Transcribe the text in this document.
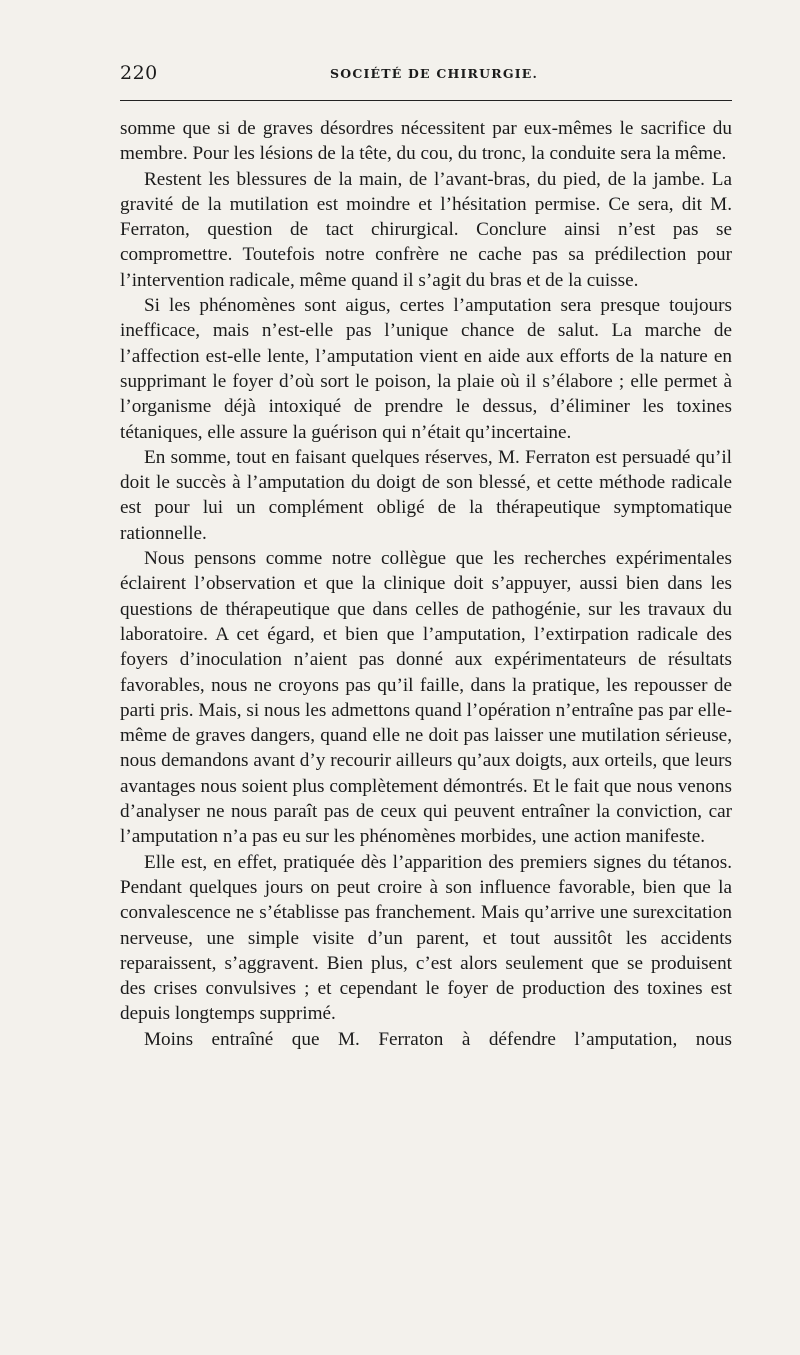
220	SOCIÉTÉ DE CHIRURGIE.

somme que si de graves désordres nécessitent par eux-mêmes le sacrifice du membre. Pour les lésions de la tête, du cou, du tronc, la conduite sera la même.

Restent les blessures de la main, de l’avant-bras, du pied, de la jambe. La gravité de la mutilation est moindre et l’hésitation permise. Ce sera, dit M. Ferraton, question de tact chirurgical. Conclure ainsi n’est pas se compromettre. Toutefois notre confrère ne cache pas sa prédilection pour l’intervention radicale, même quand il s’agit du bras et de la cuisse.

Si les phénomènes sont aigus, certes l’amputation sera presque toujours inefficace, mais n’est-elle pas l’unique chance de salut. La marche de l’affection est-elle lente, l’amputation vient en aide aux efforts de la nature en supprimant le foyer d’où sort le poison, la plaie où il s’élabore ; elle permet à l’organisme déjà intoxiqué de prendre le dessus, d’éliminer les toxines tétaniques, elle assure la guérison qui n’était qu’incertaine.

En somme, tout en faisant quelques réserves, M. Ferraton est persuadé qu’il doit le succès à l’amputation du doigt de son blessé, et cette méthode radicale est pour lui un complément obligé de la thérapeutique symptomatique rationnelle.

Nous pensons comme notre collègue que les recherches expérimentales éclairent l’observation et que la clinique doit s’appuyer, aussi bien dans les questions de thérapeutique que dans celles de pathogénie, sur les travaux du laboratoire. A cet égard, et bien que l’amputation, l’extirpation radicale des foyers d’inoculation n’aient pas donné aux expérimentateurs de résultats favorables, nous ne croyons pas qu’il faille, dans la pratique, les repousser de parti pris. Mais, si nous les admettons quand l’opération n’entraîne pas par elle-même de graves dangers, quand elle ne doit pas laisser une mutilation sérieuse, nous demandons avant d’y recourir ailleurs qu’aux doigts, aux orteils, que leurs avantages nous soient plus complètement démontrés. Et le fait que nous venons d’analyser ne nous paraît pas de ceux qui peuvent entraîner la conviction, car l’amputation n’a pas eu sur les phénomènes morbides, une action manifeste.

Elle est, en effet, pratiquée dès l’apparition des premiers signes du tétanos. Pendant quelques jours on peut croire à son influence favorable, bien que la convalescence ne s’établisse pas franchement. Mais qu’arrive une surexcitation nerveuse, une simple visite d’un parent, et tout aussitôt les accidents reparaissent, s’aggravent. Bien plus, c’est alors seulement que se produisent des crises convulsives ; et cependant le foyer de production des toxines est depuis longtemps supprimé.

Moins entraîné que M. Ferraton à défendre l’amputation, nous
